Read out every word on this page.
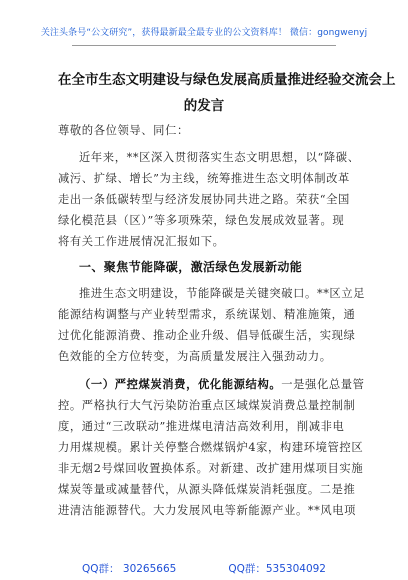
关注头条号“公文研究”，获得最新最全最专业的公文资料库！ 微信：gongwenyj
在全市生态文明建设与绿色发展高质量推进经验交流会上
的发言
尊敬的各位领导、同仁：
近年来，**区深入贯彻落实生态文明思想，以“降碳、
减污、扩绿、增长”为主线，统筹推进生态文明体制改革
走出一条低碳转型与经济发展协同共进之路。荣获“全国
绿化模范县（区）”等多项殊荣，绿色发展成效显著。现
将有关工作进展情况汇报如下。
一、聚焦节能降碳，激活绿色发展新动能
推进生态文明建设，节能降碳是关键突破口。**区立足
能源结构调整与产业转型需求，系统谋划、精准施策，通
过优化能源消费、推动企业升级、倡导低碳生活，实现绿
色效能的全方位转变，为高质量发展注入强劲动力。
（一）严控煤炭消费，优化能源结构。一是强化总量管
控。严格执行大气污染防治重点区域煤炭消费总量控制制
度，通过“三改联动”推进煤电清洁高效利用，削减非电
力用煤规模。累计关停整合燃煤锅炉4家，构建环境管控区
非无烟2号煤回收置换体系。对新建、改扩建用煤项目实施
煤炭等量或减量替代，从源头降低煤炭消耗强度。二是推
进清洁能源替代。大力发展风电等新能源产业。**风电项
QQ群： 30265665	QQ群：535304092
